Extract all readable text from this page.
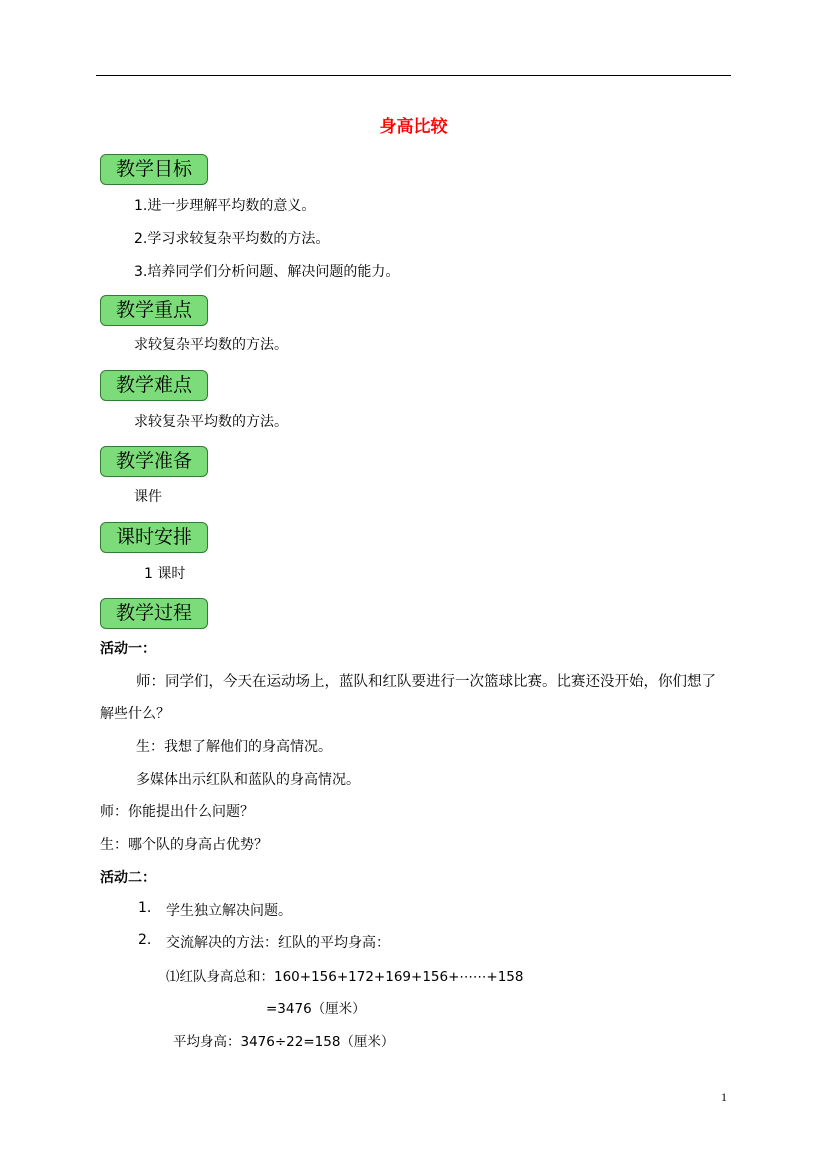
身高比较
教学目标
1.进一步理解平均数的意义。
2.学习求较复杂平均数的方法。
3.培养同学们分析问题、解决问题的能力。
教学重点
求较复杂平均数的方法。
教学难点
求较复杂平均数的方法。
教学准备
课件
课时安排
1 课时
教学过程
活动一：
师：同学们，今天在运动场上，蓝队和红队要进行一次篮球比赛。比赛还没开始，你们想了
解些什么？
生：我想了解他们的身高情况。
多媒体出示红队和蓝队的身高情况。
师：你能提出什么问题？
生：哪个队的身高占优势？
活动二：
1. 学生独立解决问题。
2. 交流解决的方法：红队的平均身高：
⑴红队身高总和：160+156+172+169+156+⋯⋯+158
=3476（厘米）
平均身高：3476÷22=158（厘米）
1
